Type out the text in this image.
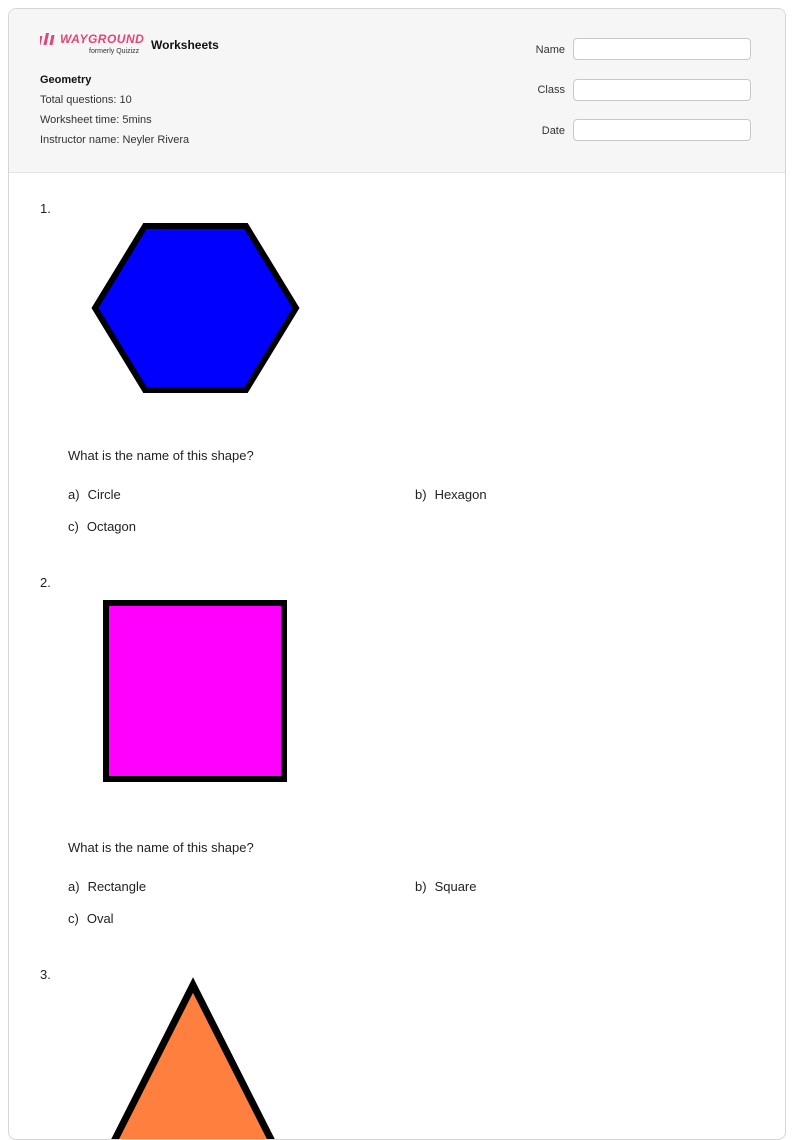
WAYGROUND
formerly Quizizz Worksheets
Geometry
Total questions: 10
Worksheet time: 5mins
Instructor name: Neyler Rivera
Name
Class
Date
1.
What is the name of this shape?
a) Circle	b) Hexagon
c) Octagon
2.
What is the name of this shape?
a) Rectangle	b) Square
c) Oval
3.
